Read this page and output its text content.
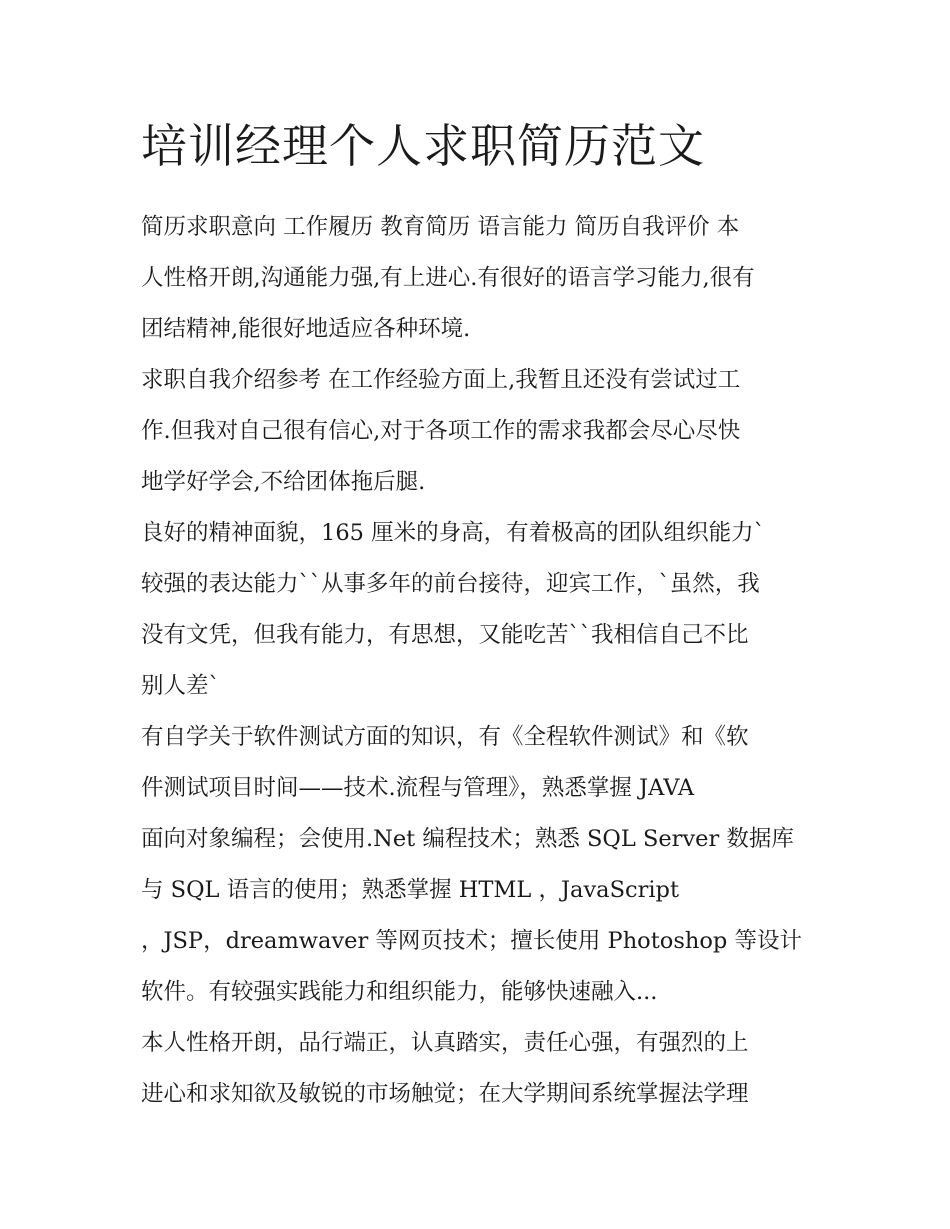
培训经理个人求职简历范文
简历求职意向 工作履历 教育简历 语言能力 简历自我评价 本
人性格开朗,沟通能力强,有上进心.有很好的语言学习能力,很有
团结精神,能很好地适应各种环境.
求职自我介绍参考 在工作经验方面上,我暂且还没有尝试过工
作.但我对自己很有信心,对于各项工作的需求我都会尽心尽快
地学好学会,不给团体拖后腿.
良好的精神面貌，165 厘米的身高，有着极高的团队组织能力`
较强的表达能力``从事多年的前台接待，迎宾工作，`虽然，我
没有文凭，但我有能力，有思想，又能吃苦``我相信自己不比
别人差`
有自学关于软件测试方面的知识，有《全程软件测试》和《软
件测试项目时间——技术.流程与管理》，熟悉掌握 JAVA
面向对象编程；会使用.Net 编程技术；熟悉 SQL Server 数据库
与 SQL 语言的使用；熟悉掌握 HTML ，JavaScript
，JSP，dreamwaver 等网页技术；擅长使用 Photoshop 等设计
软件。有较强实践能力和组织能力，能够快速融入...
本人性格开朗，品行端正，认真踏实，责任心强，有强烈的上
进心和求知欲及敏锐的市场触觉；在大学期间系统掌握法学理
